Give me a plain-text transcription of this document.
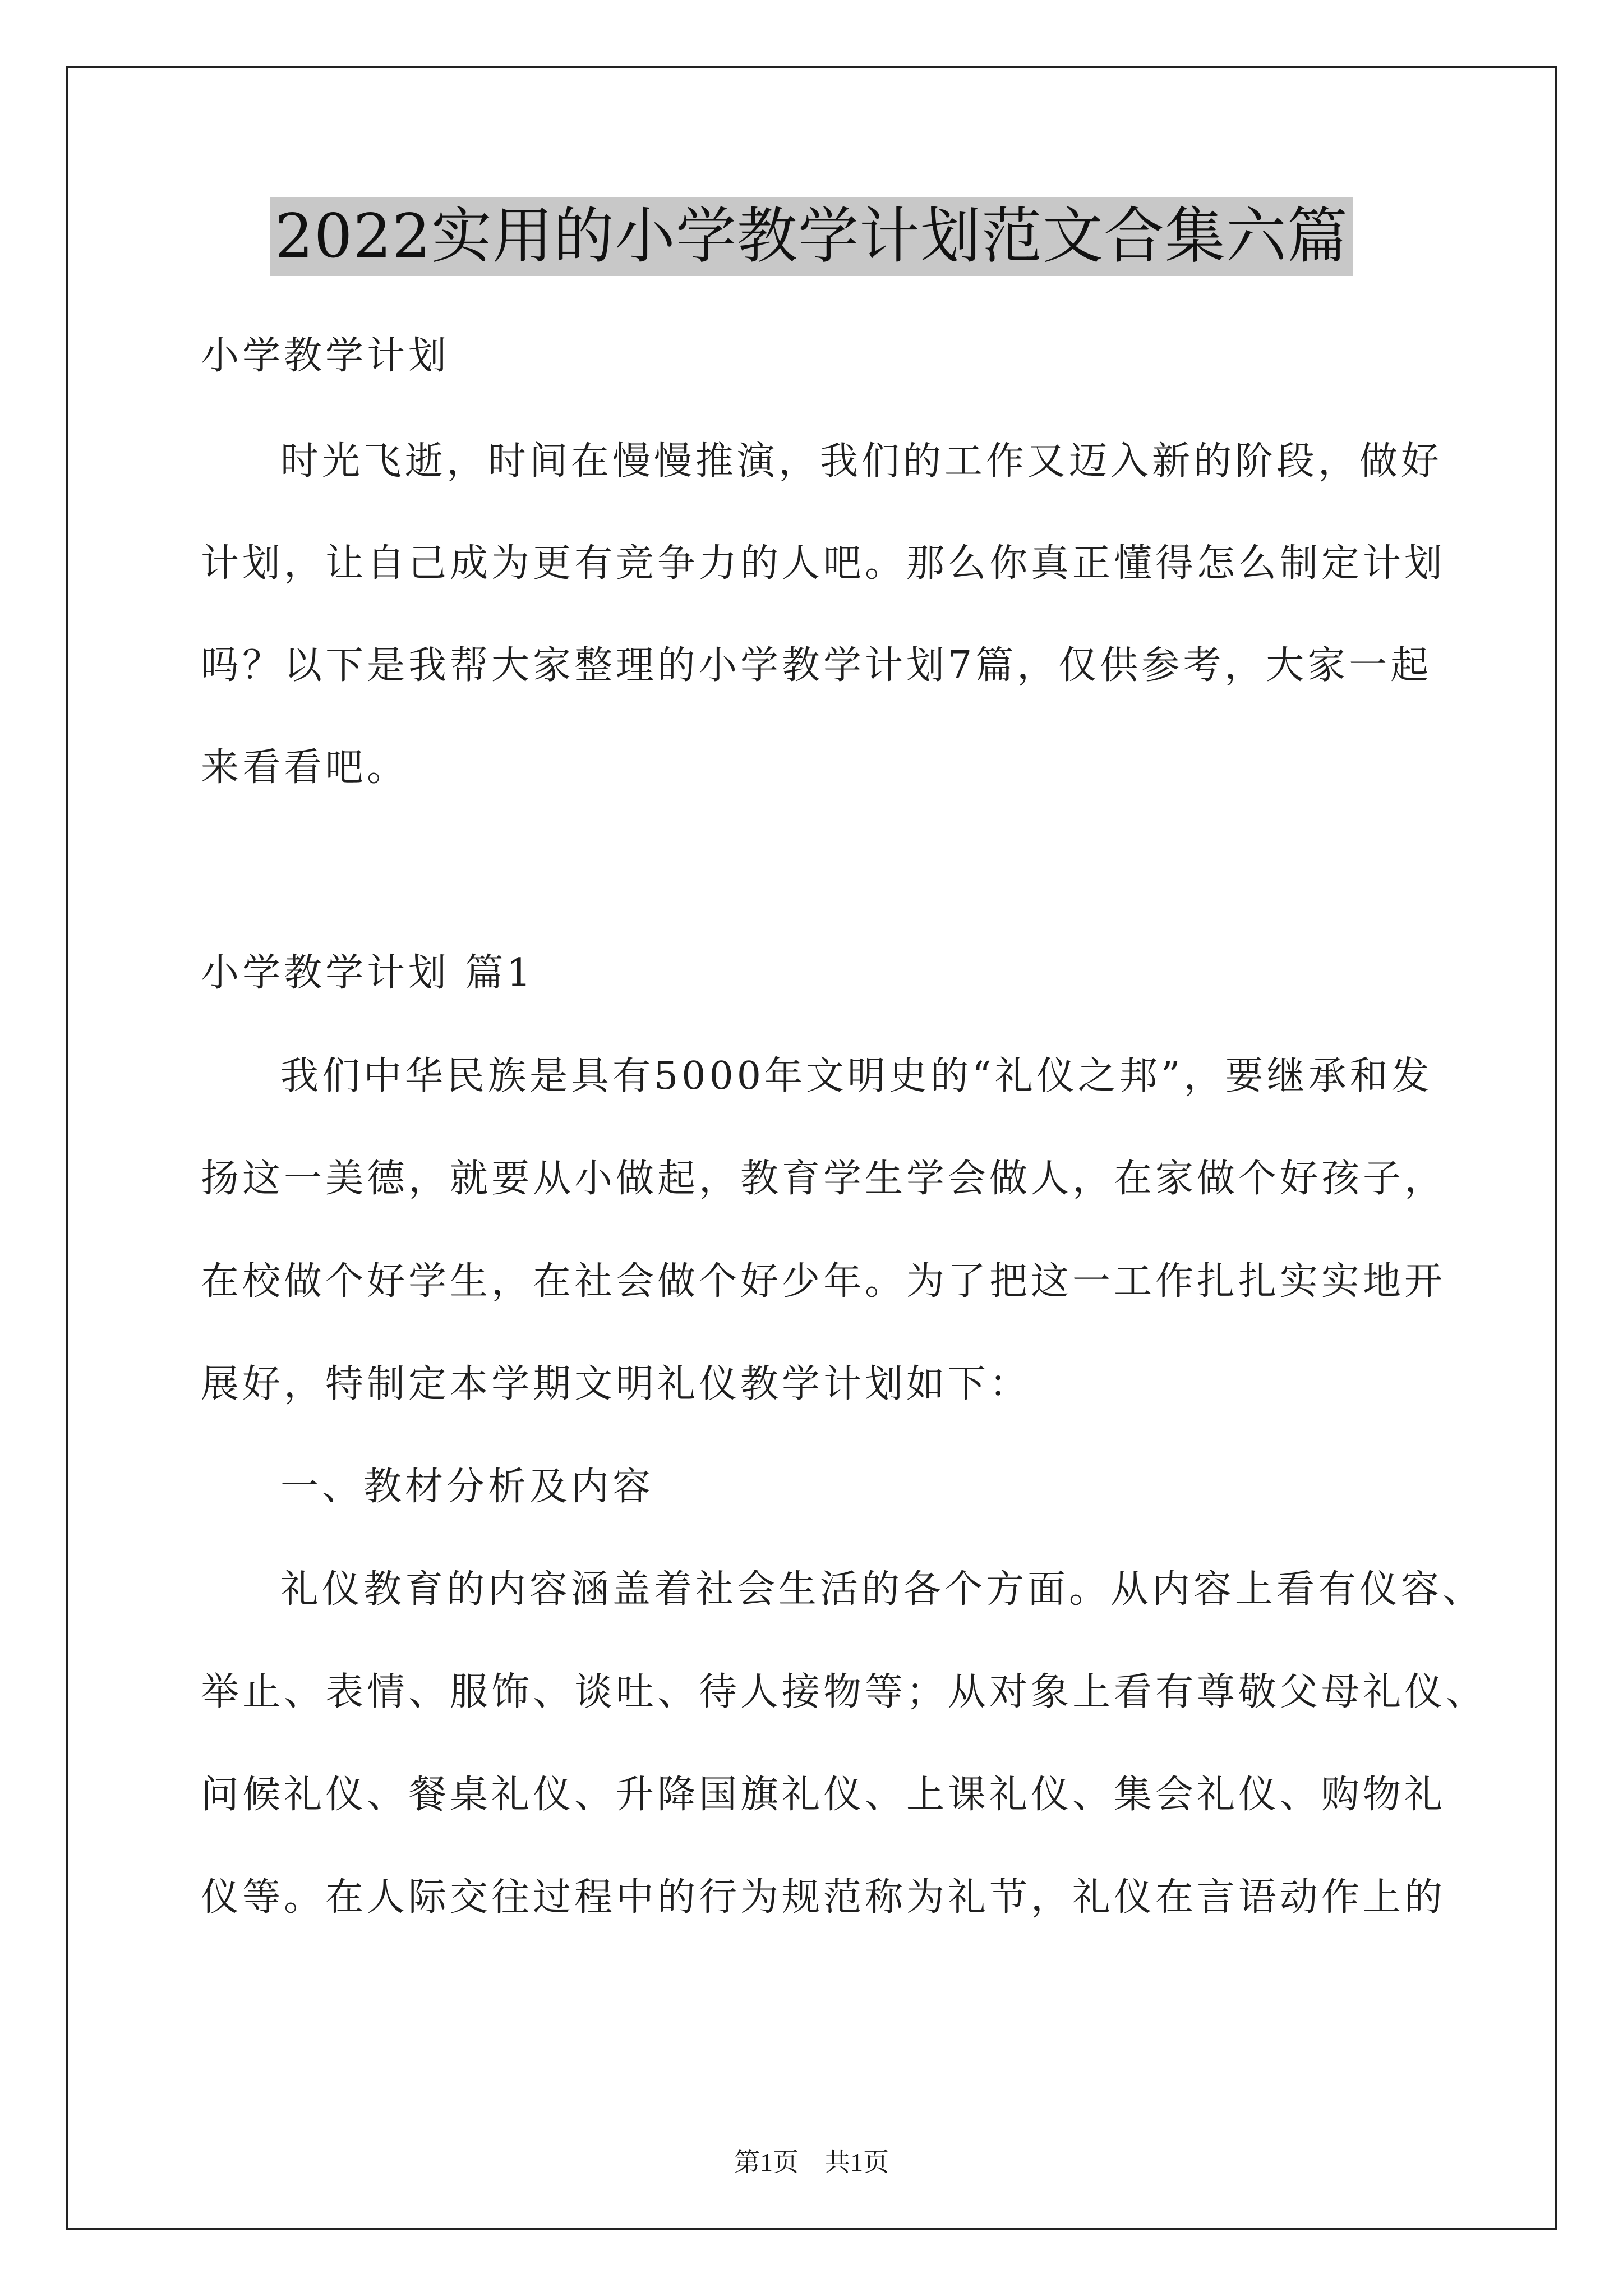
2022实用的小学教学计划范文合集六篇
小学教学计划
时光飞逝，时间在慢慢推演，我们的工作又迈入新的阶段，做好
计划，让自己成为更有竞争力的人吧。那么你真正懂得怎么制定计划
吗？以下是我帮大家整理的小学教学计划7篇，仅供参考，大家一起
来看看吧。
小学教学计划 篇1
我们中华民族是具有5000年文明史的“礼仪之邦”，要继承和发
扬这一美德，就要从小做起，教育学生学会做人，在家做个好孩子，
在校做个好学生，在社会做个好少年。为了把这一工作扎扎实实地开
展好，特制定本学期文明礼仪教学计划如下：
一、教材分析及内容
礼仪教育的内容涵盖着社会生活的各个方面。从内容上看有仪容、
举止、表情、服饰、谈吐、待人接物等；从对象上看有尊敬父母礼仪、
问候礼仪、餐桌礼仪、升降国旗礼仪、上课礼仪、集会礼仪、购物礼
仪等。在人际交往过程中的行为规范称为礼节，礼仪在言语动作上的
第1页　共1页
